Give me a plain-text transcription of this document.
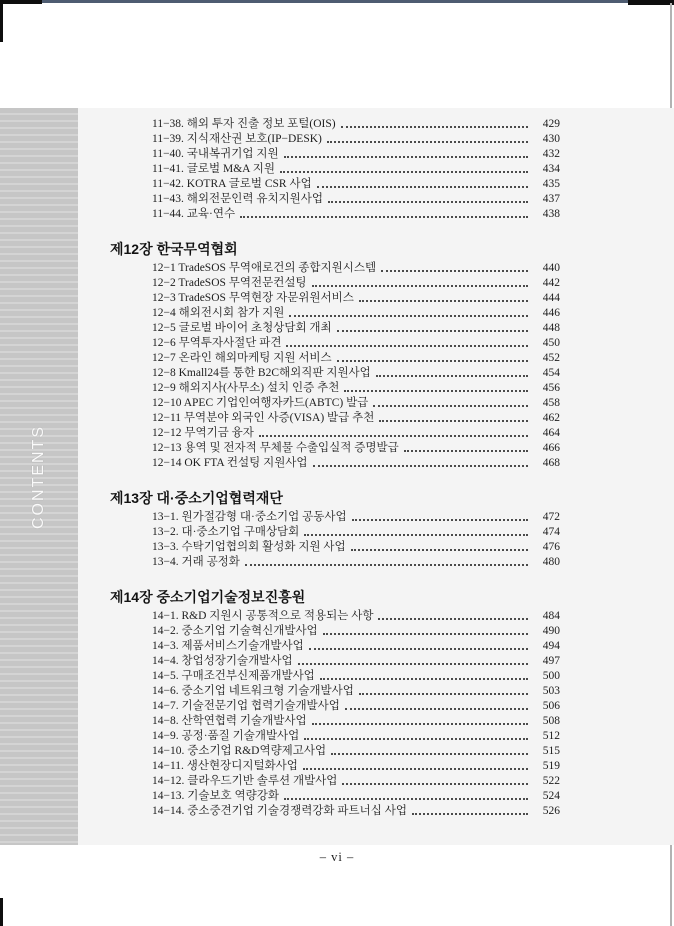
CONTENTS
11−38. 해외 투자 진출 정보 포털(OIS)	429
11−39. 지식재산권 보호(IP−DESK)	430
11−40. 국내복귀기업 지원	432
11−41. 글로벌 M&A 지원	434
11−42. KOTRA 글로벌 CSR 사업	435
11−43. 해외전문인력 유치지원사업	437
11−44. 교육·연수	438
제12장 한국무역협회
12−1 TradeSOS 무역애로건의 종합지원시스템	440
12−2 TradeSOS 무역전문컨설팅	442
12−3 TradeSOS 무역현장 자문위원서비스	444
12−4 해외전시회 참가 지원	446
12−5 글로벌 바이어 초청상담회 개최	448
12−6 무역투자사절단 파견	450
12−7 온라인 해외마케팅 지원 서비스	452
12−8 Kmall24를 통한 B2C해외직판 지원사업	454
12−9 해외지사(사무소) 설치 인증 추천	456
12−10 APEC 기업인여행자카드(ABTC) 발급	458
12−11 무역분야 외국인 사증(VISA) 발급 추천	462
12−12 무역기금 융자	464
12−13 용역 및 전자적 무체물 수출입실적 증명발급	466
12−14 OK FTA 컨설팅 지원사업	468
제13장 대·중소기업협력재단
13−1. 원가절감형 대·중소기업 공동사업	472
13−2. 대·중소기업 구매상담회	474
13−3. 수탁기업협의회 활성화 지원 사업	476
13−4. 거래 공정화	480
제14장 중소기업기술정보진흥원
14−1. R&D 지원시 공통적으로 적용되는 사항	484
14−2. 중소기업 기술혁신개발사업	490
14−3. 제품서비스기술개발사업	494
14−4. 창업성장기술개발사업	497
14−5. 구매조건부신제품개발사업	500
14−6. 중소기업 네트워크형 기술개발사업	503
14−7. 기술전문기업 협력기술개발사업	506
14−8. 산학연협력 기술개발사업	508
14−9. 공정·품질 기술개발사업	512
14−10. 중소기업 R&D역량제고사업	515
14−11. 생산현장디지털화사업	519
14−12. 클라우드기반 솔루션 개발사업	522
14−13. 기술보호 역량강화	524
14−14. 중소중견기업 기술경쟁력강화 파트너십 사업	526
– vi –
